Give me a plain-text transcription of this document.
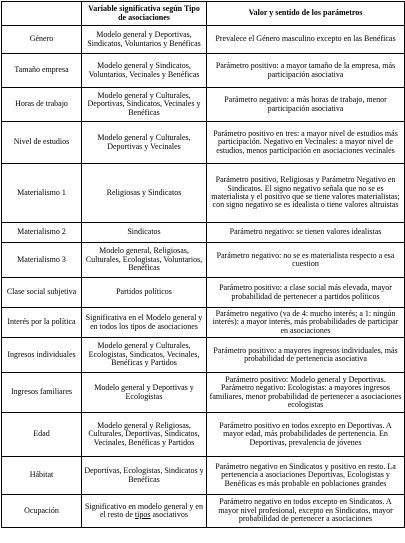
	Variable significativa según Tipo de asociaciones	Valor y sentido de los parámetros
Género	Modelo general y Deportivas, Sindicatos, Voluntarios y Benéficas	Prevalece el Género masculino excepto en las Benéficas
Tamaño empresa	Modelo general y Sindicatos, Voluntarios, Vecinales y Benéficas	Parámetro positivo: a mayor tamaño de la empresa, más participación asociativa
Horas de trabajo	Modelo general y Culturales, Deportivas, Sindicatos, Vecinales y Benéficas	Parámetro negativo: a más horas de trabajo, menor participación asociativa
Nivel de estudios	Modelo general y Culturales, Deportivas y Vecinales	Parámetro positivo en tres: a mayor nivel de estudios más participación. Negativo en Vecinales: a mayor nivel de estudios, menos participación en asociaciones vecinales
Materialismo 1	Religiosas y Sindicatos	Parámetro positivo, Religiosas y Parámetro Negativo en Sindicatos. El signo negativo señala que no se es materialista y el positivo que se tiene valores materialistas; con signo negativo se es idealista o tiene valores altruistas
Materialismo 2	Sindicatos	Parámetro negativo: se tienen valores idealistas
Materialismo 3	Modelo general, Religiosas, Culturales, Ecologistas, Voluntarios, Benéficas	Parámetro negativo: no se es materialista respecto a esa cuestion
Clase social subjetiva	Partidos políticos	Parámetro positivo: a clase social más elevada, mayor probabilidad de pertenecer a partidos políticos
Interés por la política	Significativa en el Modelo general y en todos los tipos de asociaciones	Parámetro negativo (va de 4: mucho interés; a 1: ningún interés): a mayor interés, más probabilidades de participar en asociaciones
Ingresos individuales	Modelo general y Culturales, Ecologistas, Sindicatos, Vecinales, Benéficas y Partidos	Parámetro positivo: a mayores ingresos individuales, más probabilidad de pertenencia asociativa
Ingresos familiares	Modelo general y Deportivas y Ecologistas	Parámetro positivo: Modelo general y Deportivas. Parámetro negativo: Ecologistas: a mayores ingresos familiares, menor probabilidad de pertenecer a asociaciones ecologistas
Edad	Modelo general y Religiosas, Culturales, Deportivas, Sindicatos, Vecinales, Benéficas y Partidos	Parámetro positivo en todos excepto en Deportivas. A mayor edad, más probabilidades de pertenencia. En Deportivas, prevalencia de jóvenes
Hábitat	Deportivas, Ecologistas, Sindicatos y Benéficas	Parámetro negativo en Sindicatos y positivo en resto. La pertenencia a asociaciones Deportivas, Ecologistas y Benéficas es más probable en poblaciones grandes
Ocupación	Significativo en modelo general y en el resto de tipos asociativos	Parámetro negativo en todos excepto en Sindicatos. A mayor nivel profesional, excepto en Sindicatos, mayor probabilidad de pertenecer a asociaciones
